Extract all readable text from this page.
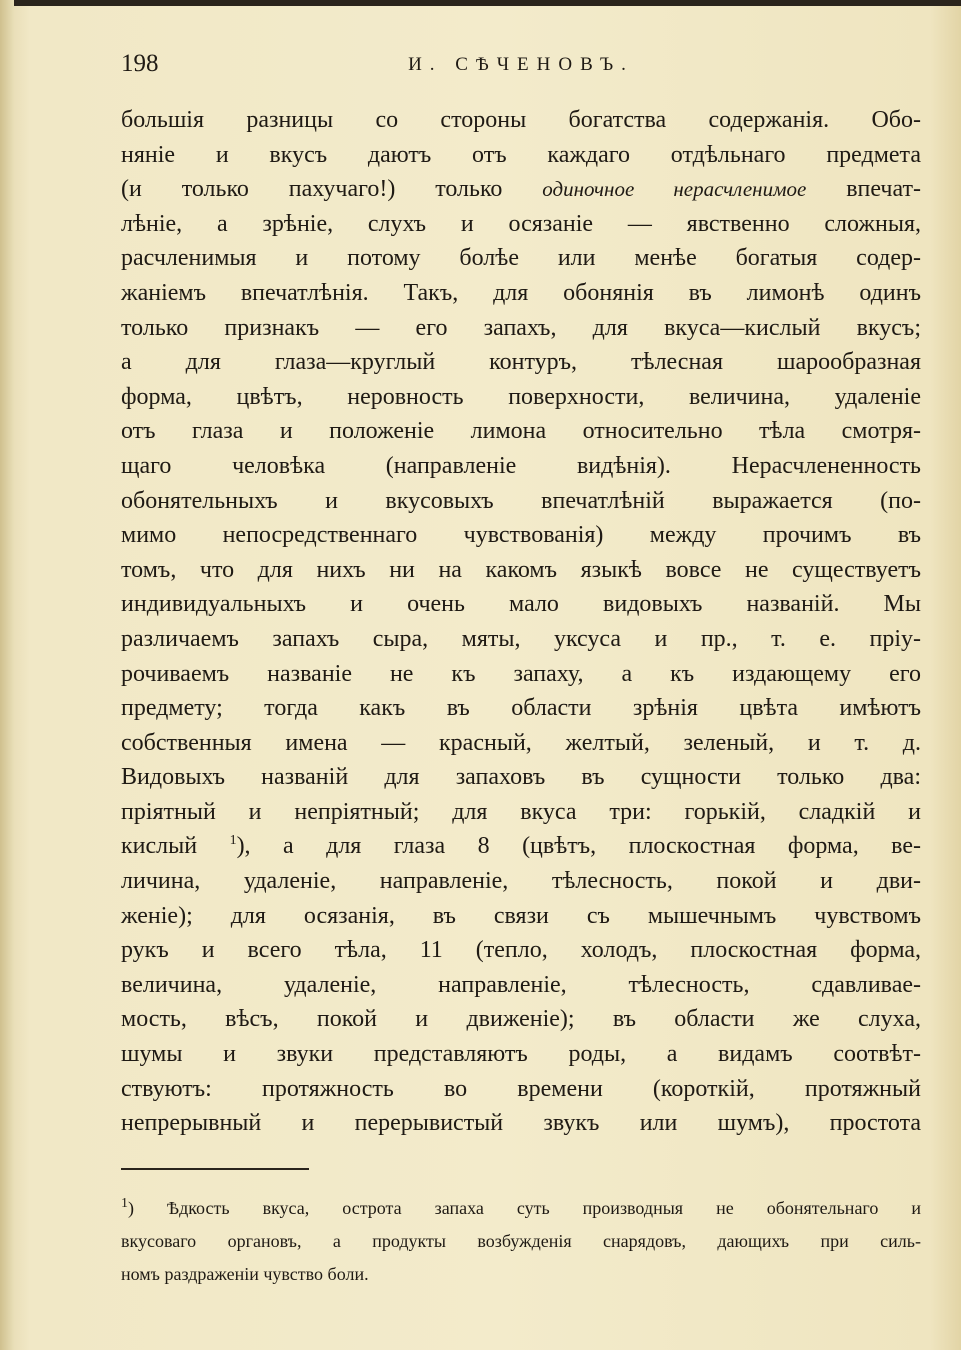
198	И. СѢЧЕНОВЪ.
большія разницы со стороны богатства содержанія. Обо-
няніе и вкусъ даютъ отъ каждаго отдѣльнаго предмета
(и только пахучаго!) только одиночное нерасчленимое впечат-
лѣніе, а зрѣніе, слухъ и осязаніе — явственно сложныя,
расчленимыя и потому болѣе или менѣе богатыя содер-
жаніемъ впечатлѣнія. Такъ, для обонянія въ лимонѣ одинъ
только признакъ — его запахъ, для вкуса—кислый вкусъ;
а для глаза—круглый контуръ, тѣлесная шарообразная
форма, цвѣтъ, неровность поверхности, величина, удаленіе
отъ глаза и положеніе лимона относительно тѣла смотря-
щаго человѣка (направленіе видѣнія). Нерасчлененность
обонятельныхъ и вкусовыхъ впечатлѣній выражается (по-
мимо непосредственнаго чувствованія) между прочимъ въ
томъ, что для нихъ ни на какомъ языкѣ вовсе не существуетъ
индивидуальныхъ и очень мало видовыхъ названій. Мы
различаемъ запахъ сыра, мяты, уксуса и пр., т. е. пріу-
рочиваемъ названіе не къ запаху, а къ издающему его
предмету; тогда какъ въ области зрѣнія цвѣта имѣютъ
собственныя имена — красный, желтый, зеленый, и т. д.
Видовыхъ названій для запаховъ въ сущности только два:
пріятный и непріятный; для вкуса три: горькій, сладкій и
кислый $^1$), а для глаза 8 (цвѣтъ, плоскостная форма, ве-
личина, удаленіе, направленіе, тѣлесность, покой и дви-
женіе); для осязанія, въ связи съ мышечнымъ чувствомъ
рукъ и всего тѣла, 11 (тепло, холодъ, плоскостная форма,
величина, удаленіе, направленіе, тѣлесность, сдавливае-
мость, вѣсъ, покой и движеніе); въ области же слуха,
шумы и звуки представляютъ роды, а видамъ соотвѣт-
ствуютъ: протяжность во времени (короткій, протяжный
непрерывный и перерывистый звукъ или шумъ), простота
$^1$) Ѣдкость вкуса, острота запаха суть производныя не обонятельнаго и
вкусоваго органовъ, а продукты возбужденія снарядовъ, дающихъ при силь-
номъ раздраженіи чувство боли.
